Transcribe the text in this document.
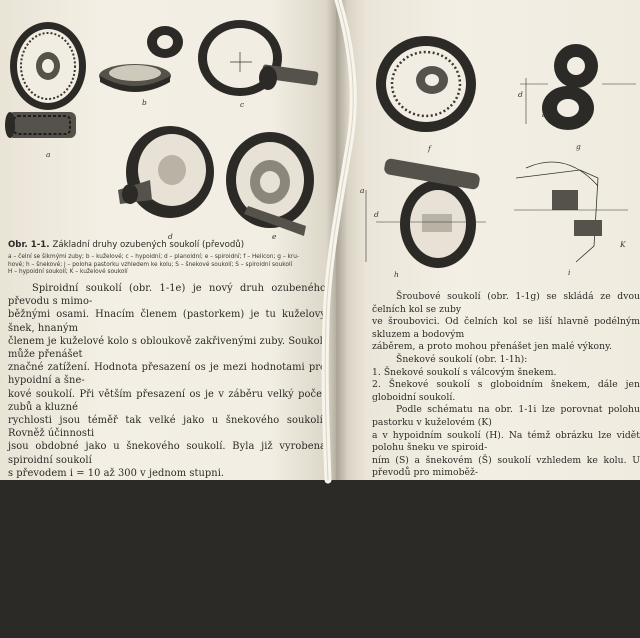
a
b	c
d	e
Obr. 1-1. Základní druhy ozubených soukolí (převodů)
a – čelní se šikmými zuby; b – kuželové; c – hypoidní; d – planoidní; e – spiroidní; f – Helicon; g – kru-
hové; h – šnekové; j – poloha pastorku vzhledem ke kolu; S – šnekové soukolí; S – spiroidní soukolí
H – hypoidní soukolí; K – kuželové soukolí

Spiroidní soukolí (obr. 1-1e) je nový druh ozubeného převodu s mimo-

běžnými osami. Hnacím členem (pastorkem) je tu kuželový šnek, hnaným
členem je kuželové kolo s obloukově zakřivenými zuby. Soukolí může přenášet
značné zatížení. Hodnota přesazení os je mezi hodnotami pro hypoidní a šne-
kové soukolí. Při větším přesazení os je v záběru velký počet zubů a kluzné
rychlosti jsou téměř tak velké jako u šnekového soukolí. Rovněž účinnosti
jsou obdobné jako u šnekového soukolí. Byla již vyrobena spiroidní soukolí
s převodem i = 10 až 300 v jednom stupni.

Soukolí Helicon (obr. 1-1f) je obdoba spiroidního soukolí, avšak s vál-

covým hnacím členem (pastorkem). Tohoto soukolí lze použít pro převodové
poměry i < 10. Kde se použití soukolí Helicon a spiroidního překrývá, má
se přednost soukolí spiroidní. Pastorek soukolí Helicon
pro danou velikost větší únosnost soukolí spiroidní. Pastorek soukolí Helicon
se snadněji vyrábí, protože jeho závity se řežou na válcové a nikoliv na kuželové
ploše.
f	g
h	i
d
a
d
a
K

Šroubové soukolí (obr. 1-1g) se skládá ze dvou čelních kol se zuby

ve šroubovici. Od čelních kol se liší hlavně podélným skluzem a bodovým
záběrem, a proto mohou přenášet jen malé výkony.

Šnekové soukolí (obr. 1-1h):

1. Šnekové soukolí s válcovým šnekem.

2. Šnekové soukolí s globoidním šnekem, dále jen globoidní soukolí.

Podle schématu na obr. 1-1i lze porovnat polohu pastorku v kuželovém (K)

a v hypoidním soukolí (H). Na témž obrázku lze vidět polohu šneku ve spiroid-
ním (S) a šnekovém (Š) soukolí vzhledem ke kolu. U převodů pro mimoběž-
hřídele je charakteristický podélný skluz.
